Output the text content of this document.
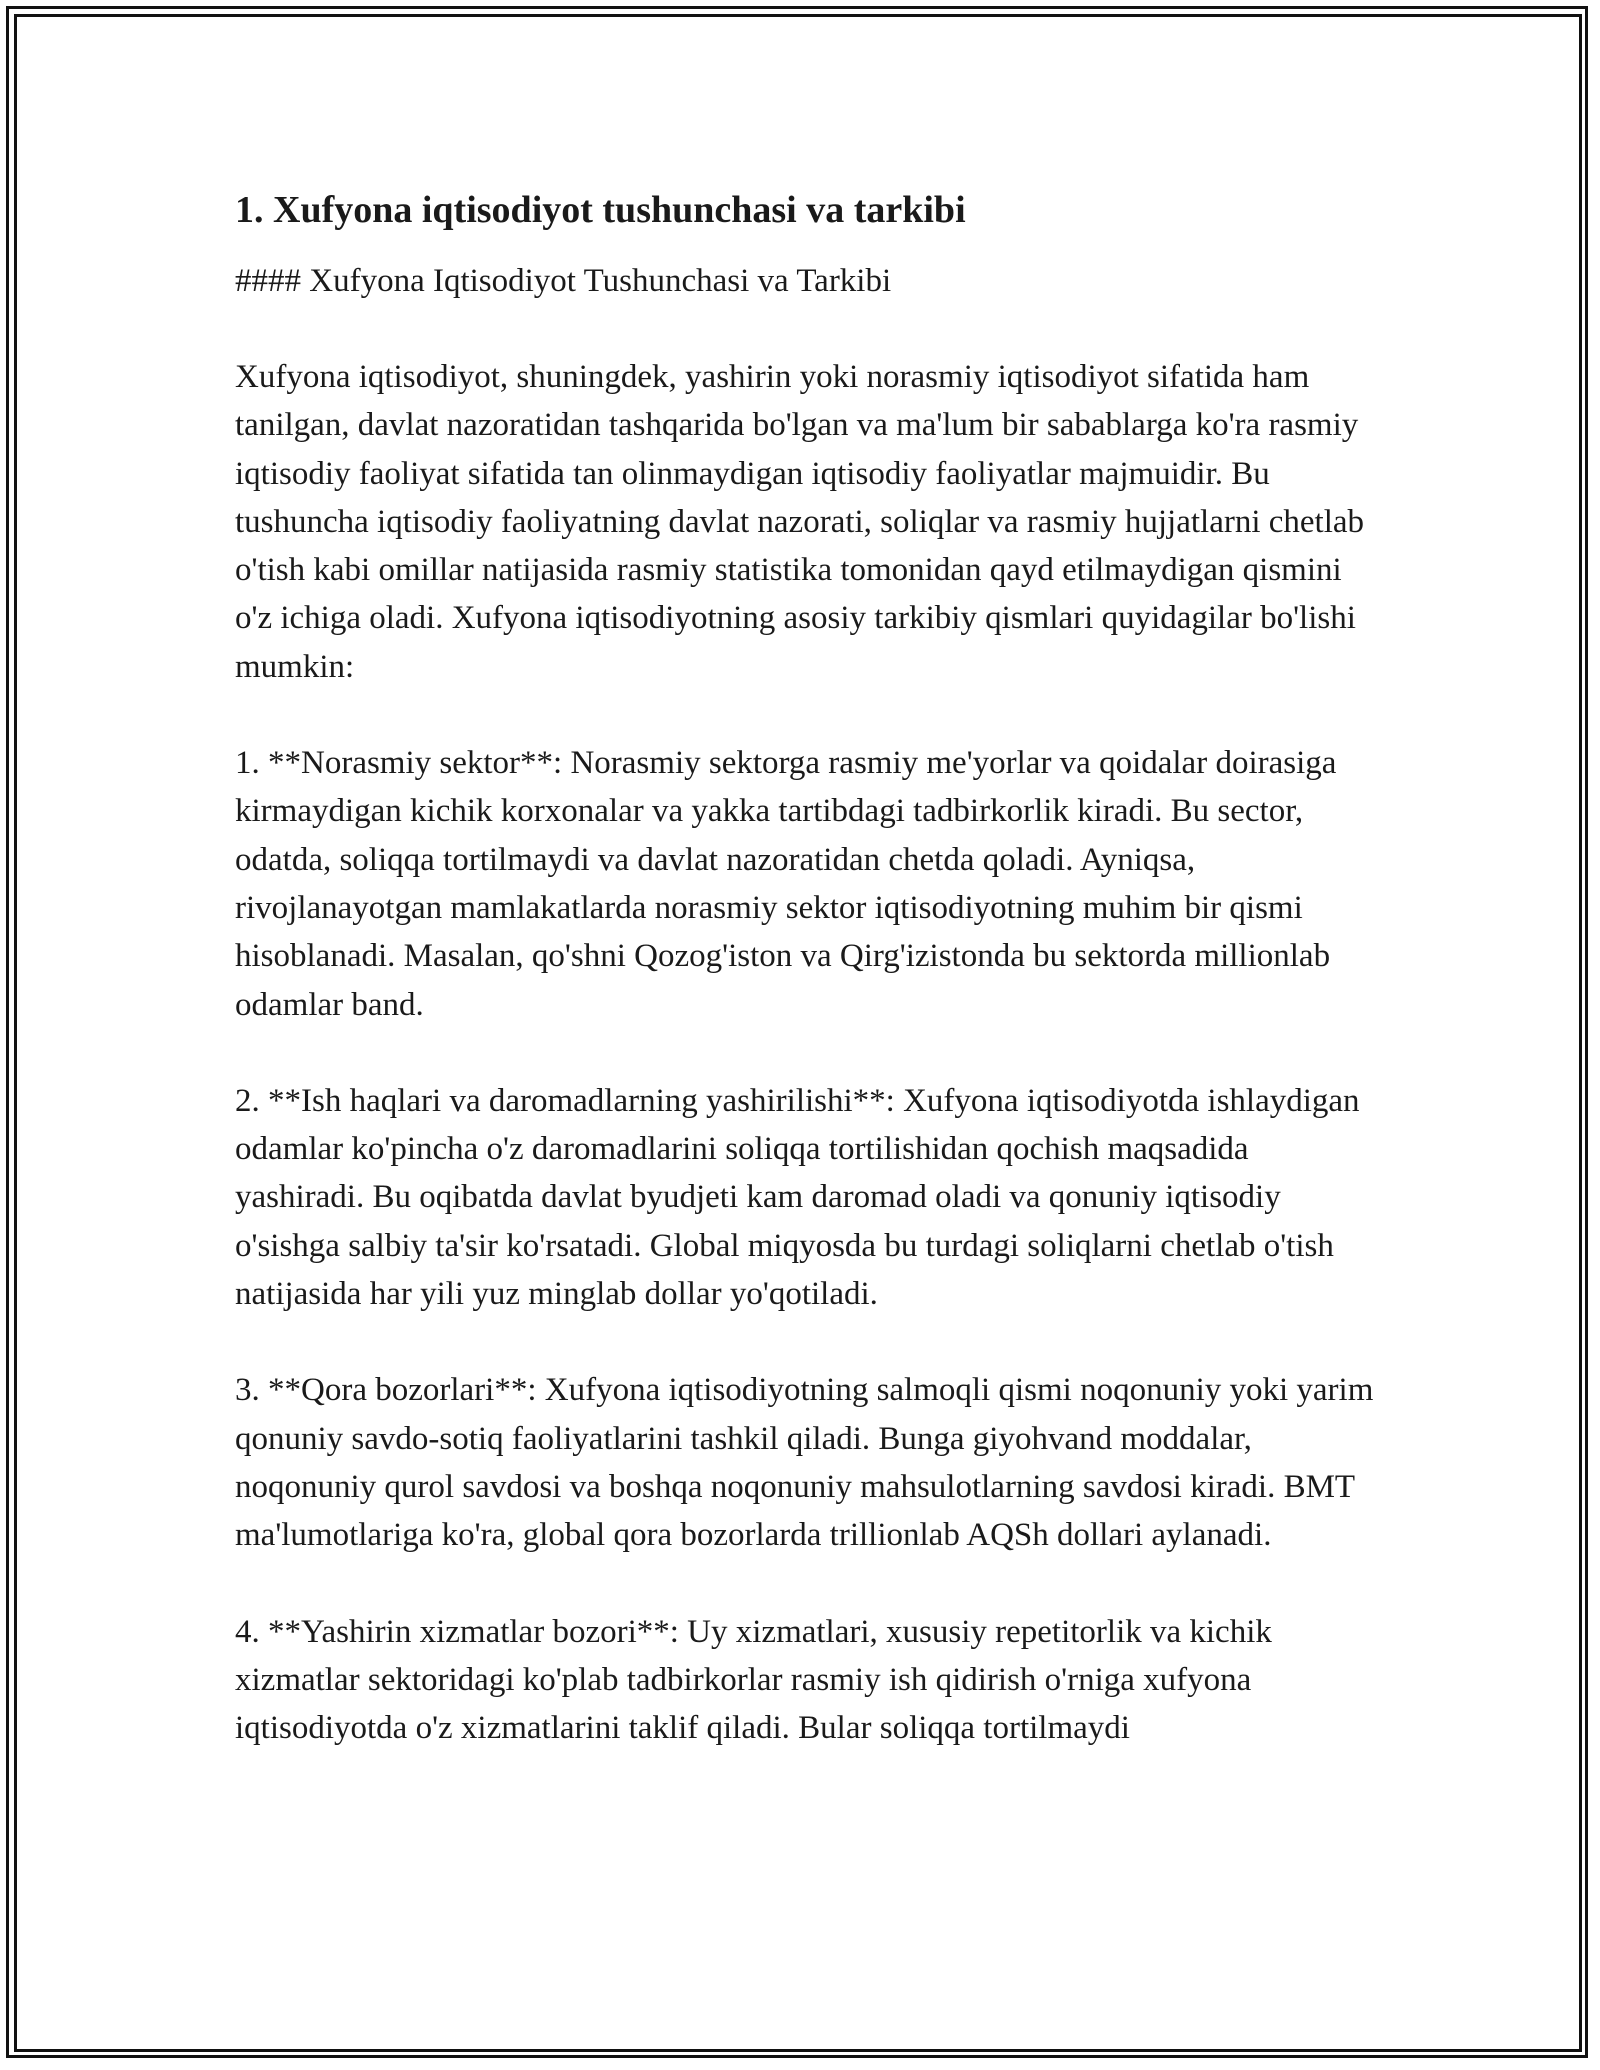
1. Xufyona iqtisodiyot tushunchasi va tarkibi

#### Xufyona Iqtisodiyot Tushunchasi va Tarkibi

Xufyona iqtisodiyot, shuningdek, yashirin yoki norasmiy iqtisodiyot sifatida ham tanilgan, davlat nazoratidan tashqarida bo'lgan va ma'lum bir sabablarga ko'ra rasmiy iqtisodiy faoliyat sifatida tan olinmaydigan iqtisodiy faoliyatlar majmuidir. Bu tushuncha iqtisodiy faoliyatning davlat nazorati, soliqlar va rasmiy hujjatlarni chetlab o'tish kabi omillar natijasida rasmiy statistika tomonidan qayd etilmaydigan qismini o'z ichiga oladi. Xufyona iqtisodiyotning asosiy tarkibiy qismlari quyidagilar bo'lishi mumkin:

1. **Norasmiy sektor**: Norasmiy sektorga rasmiy me'yorlar va qoidalar doirasiga kirmaydigan kichik korxonalar va yakka tartibdagi tadbirkorlik kiradi. Bu sector, odatda, soliqqa tortilmaydi va davlat nazoratidan chetda qoladi. Ayniqsa, rivojlanayotgan mamlakatlarda norasmiy sektor iqtisodiyotning muhim bir qismi hisoblanadi. Masalan, qo'shni Qozog'iston va Qirg'izistonda bu sektorda millionlab odamlar band.

2. **Ish haqlari va daromadlarning yashirilishi**: Xufyona iqtisodiyotda ishlaydigan odamlar ko'pincha o'z daromadlarini soliqqa tortilishidan qochish maqsadida yashiradi. Bu oqibatda davlat byudjeti kam daromad oladi va qonuniy iqtisodiy o'sishga salbiy ta'sir ko'rsatadi. Global miqyosda bu turdagi soliqlarni chetlab o'tish natijasida har yili yuz minglab dollar yo'qotiladi.

3. **Qora bozorlari**: Xufyona iqtisodiyotning salmoqli qismi noqonuniy yoki yarim qonuniy savdo-sotiq faoliyatlarini tashkil qiladi. Bunga giyohvand moddalar, noqonuniy qurol savdosi va boshqa noqonuniy mahsulotlarning savdosi kiradi. BMT ma'lumotlariga ko'ra, global qora bozorlarda trillionlab AQSh dollari aylanadi.

4. **Yashirin xizmatlar bozori**: Uy xizmatlari, xususiy repetitorlik va kichik xizmatlar sektoridagi ko'plab tadbirkorlar rasmiy ish qidirish o'rniga xufyona iqtisodiyotda o'z xizmatlarini taklif qiladi. Bular soliqqa tortilmaydi
